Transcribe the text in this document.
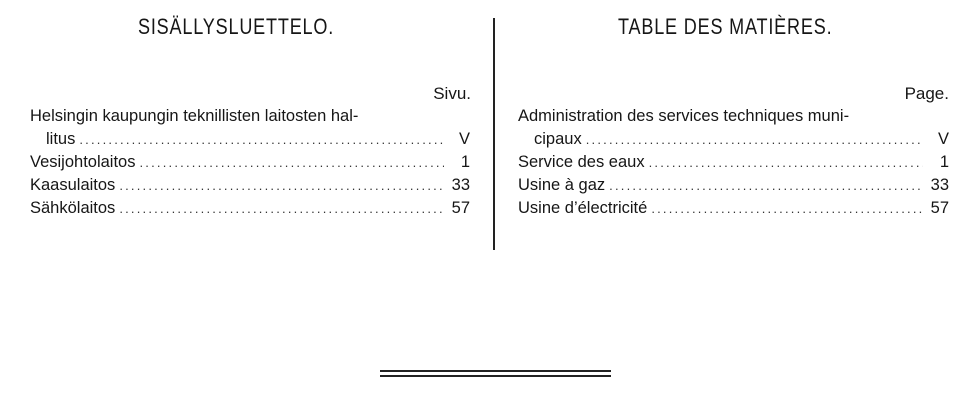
SISÄLLYSLUETTELO.
Sivu.
Helsingin kaupungin teknillisten laitosten hal-
litus .....	V
Vesijohtolaitos .....	1
Kaasulaitos .....	33
Sähkölaitos .....	57
TABLE DES MATIÈRES.
Page.
Administration des services techniques muni-
cipaux .....	V
Service des eaux .....	1
Usine à gaz .....	33
Usine d’électricité .....	57
